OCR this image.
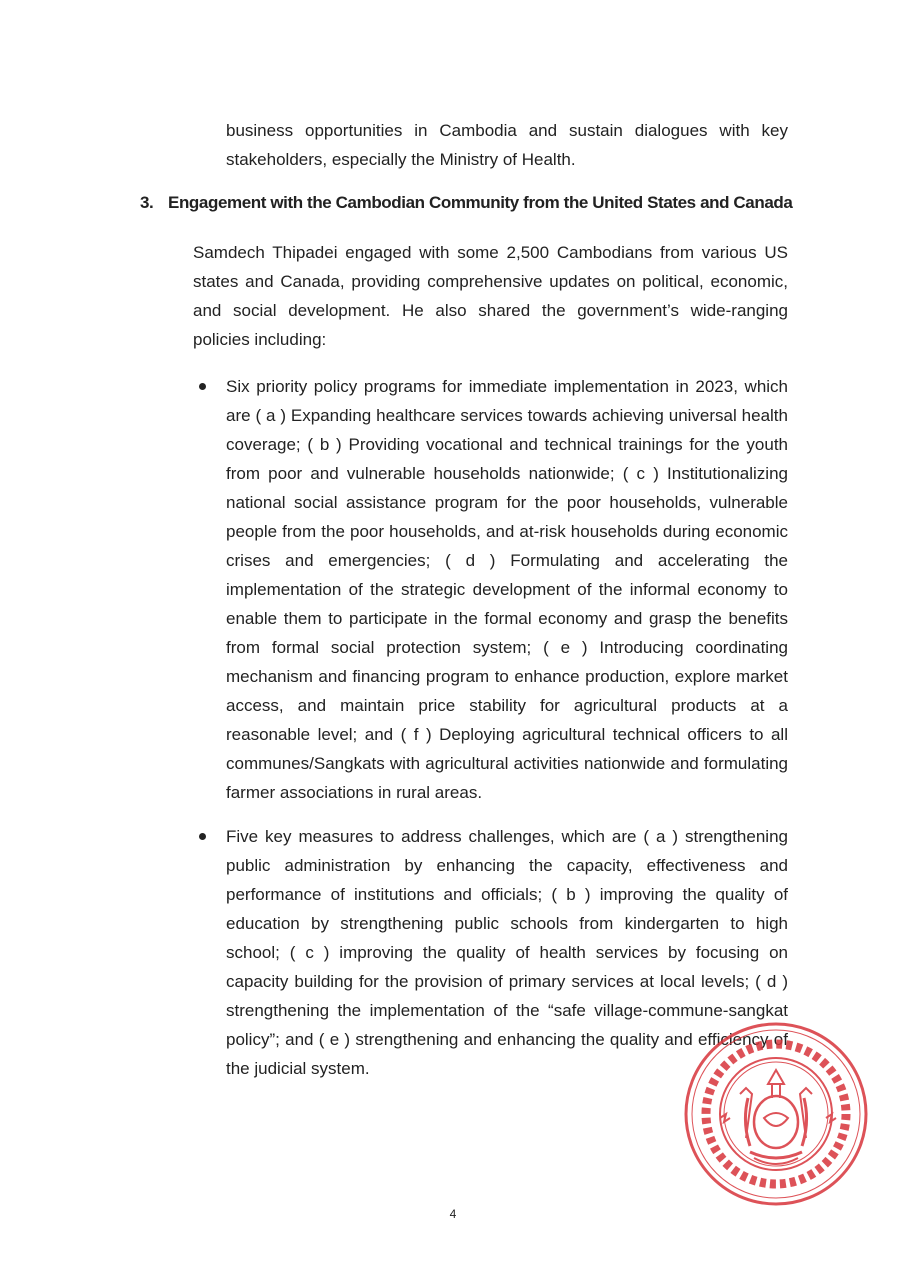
business opportunities in Cambodia and sustain dialogues with key stakeholders, especially the Ministry of Health.
3. Engagement with the Cambodian Community from the United States and Canada
Samdech Thipadei engaged with some 2,500 Cambodians from various US states and Canada, providing comprehensive updates on political, economic, and social development. He also shared the government’s wide-ranging policies including:
Six priority policy programs for immediate implementation in 2023, which are ( a ) Expanding healthcare services towards achieving universal health coverage; ( b ) Providing vocational and technical trainings for the youth from poor and vulnerable households nationwide; ( c ) Institutionalizing national social assistance program for the poor households, vulnerable people from the poor households, and at-risk households during economic crises and emergencies; ( d ) Formulating and accelerating the implementation of the strategic development of the informal economy to enable them to participate in the formal economy and grasp the benefits from formal social protection system; ( e ) Introducing coordinating mechanism and financing program to enhance production, explore market access, and maintain price stability for agricultural products at a reasonable level; and ( f ) Deploying agricultural technical officers to all communes/Sangkats with agricultural activities nationwide and formulating farmer associations in rural areas.
Five key measures to address challenges, which are ( a ) strengthening public administration by enhancing the capacity, effectiveness and performance of institutions and officials; ( b ) improving the quality of education by strengthening public schools from kindergarten to high school; ( c ) improving the quality of health services by focusing on capacity building for the provision of primary services at local levels; ( d ) strengthening the implementation of the “safe village-commune-sangkat policy”; and ( e ) strengthening and enhancing the quality and efficiency of the judicial system.
4
